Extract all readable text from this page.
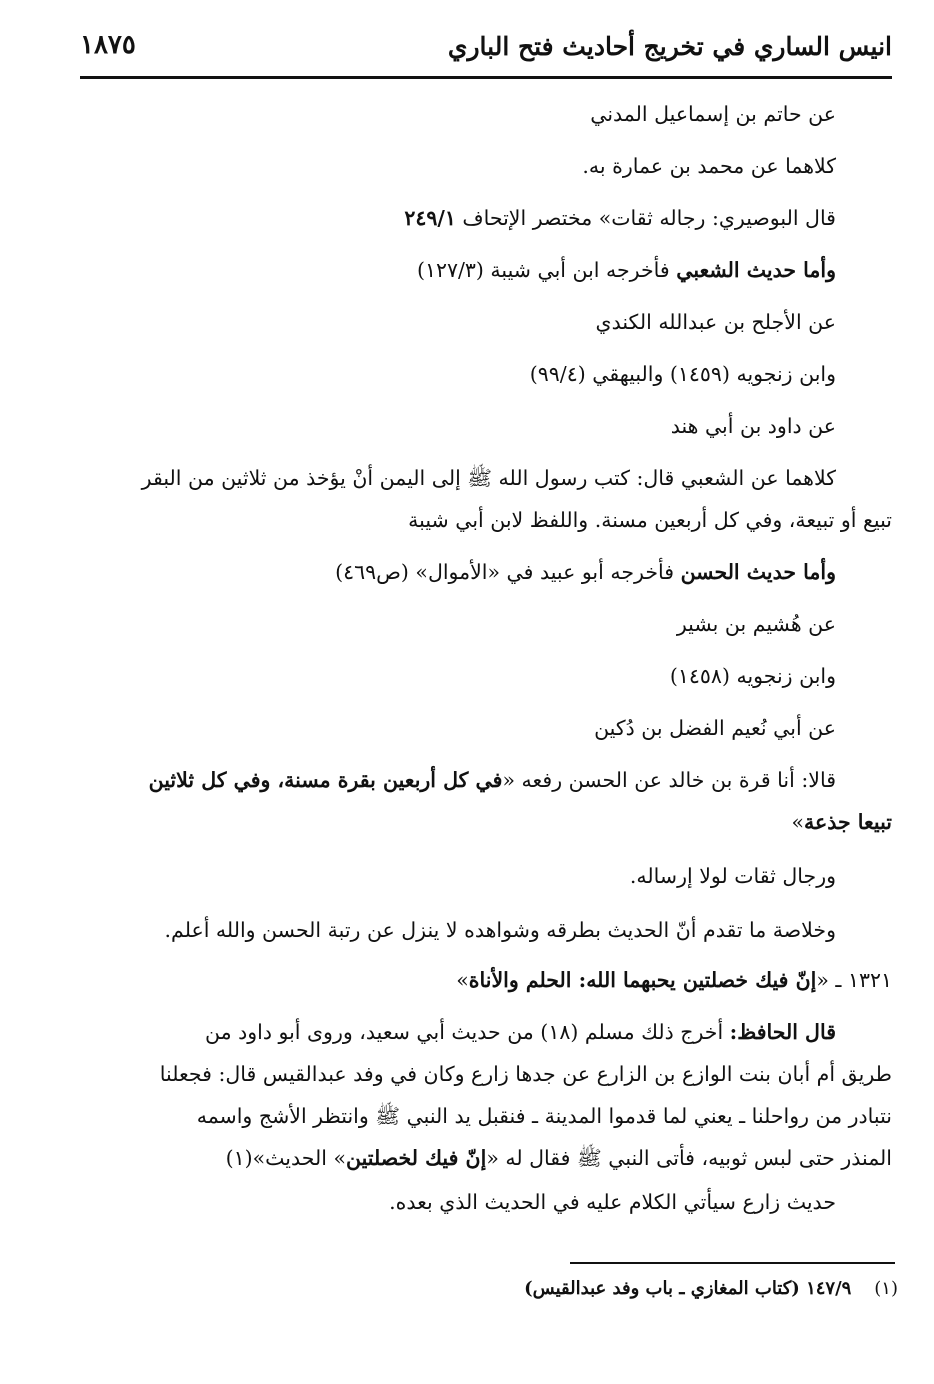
انيس الساري في تخريج أحاديث فتح الباري
١٨٧٥
عن حاتم بن إسماعيل المدني
كلاهما عن محمد بن عمارة به.
قال البوصيري: رجاله ثقات» مختصر الإتحاف ٢٤٩/١
وأما حديث الشعبي فأخرجه ابن أبي شيبة (١٢٧/٣)
عن الأجلح بن عبدالله الكندي
وابن زنجويه (١٤٥٩) والبيهقي (٩٩/٤)
عن داود بن أبي هند
كلاهما عن الشعبي قال: كتب رسول الله ﷺ إلى اليمن أنْ يؤخذ من ثلاثين من البقر
تبيع أو تبيعة، وفي كل أربعين مسنة. واللفظ لابن أبي شيبة
وأما حديث الحسن فأخرجه أبو عبيد في «الأموال» (ص٤٦٩)
عن هُشيم بن بشير
وابن زنجويه (١٤٥٨)
عن أبي نُعيم الفضل بن دُكين
قالا: أنا قرة بن خالد عن الحسن رفعه «في كل أربعين بقرة مسنة، وفي كل ثلاثين
تبيعا جذعة»
ورجال ثقات لولا إرساله.
وخلاصة ما تقدم أنّ الحديث بطرقه وشواهده لا ينزل عن رتبة الحسن والله أعلم.
١٣٢١ ـ «إنّ فيك خصلتين يحبهما الله: الحلم والأناة»
قال الحافظ: أخرج ذلك مسلم (١٨) من حديث أبي سعيد، وروى أبو داود من
طريق أم أبان بنت الوازع بن الزارع عن جدها زارع وكان في وفد عبدالقيس قال: فجعلنا
نتبادر من رواحلنا ـ يعني لما قدموا المدينة ـ فنقبل يد النبي ﷺ وانتظر الأشج واسمه
المنذر حتى لبس ثوبيه، فأتى النبي ﷺ فقال له «إنّ فيك لخصلتين» الحديث»(١)
حديث زارع سيأتي الكلام عليه في الحديث الذي بعده.
(١)    ١٤٧/٩ (كتاب المغازي ـ باب وفد عبدالقيس)
